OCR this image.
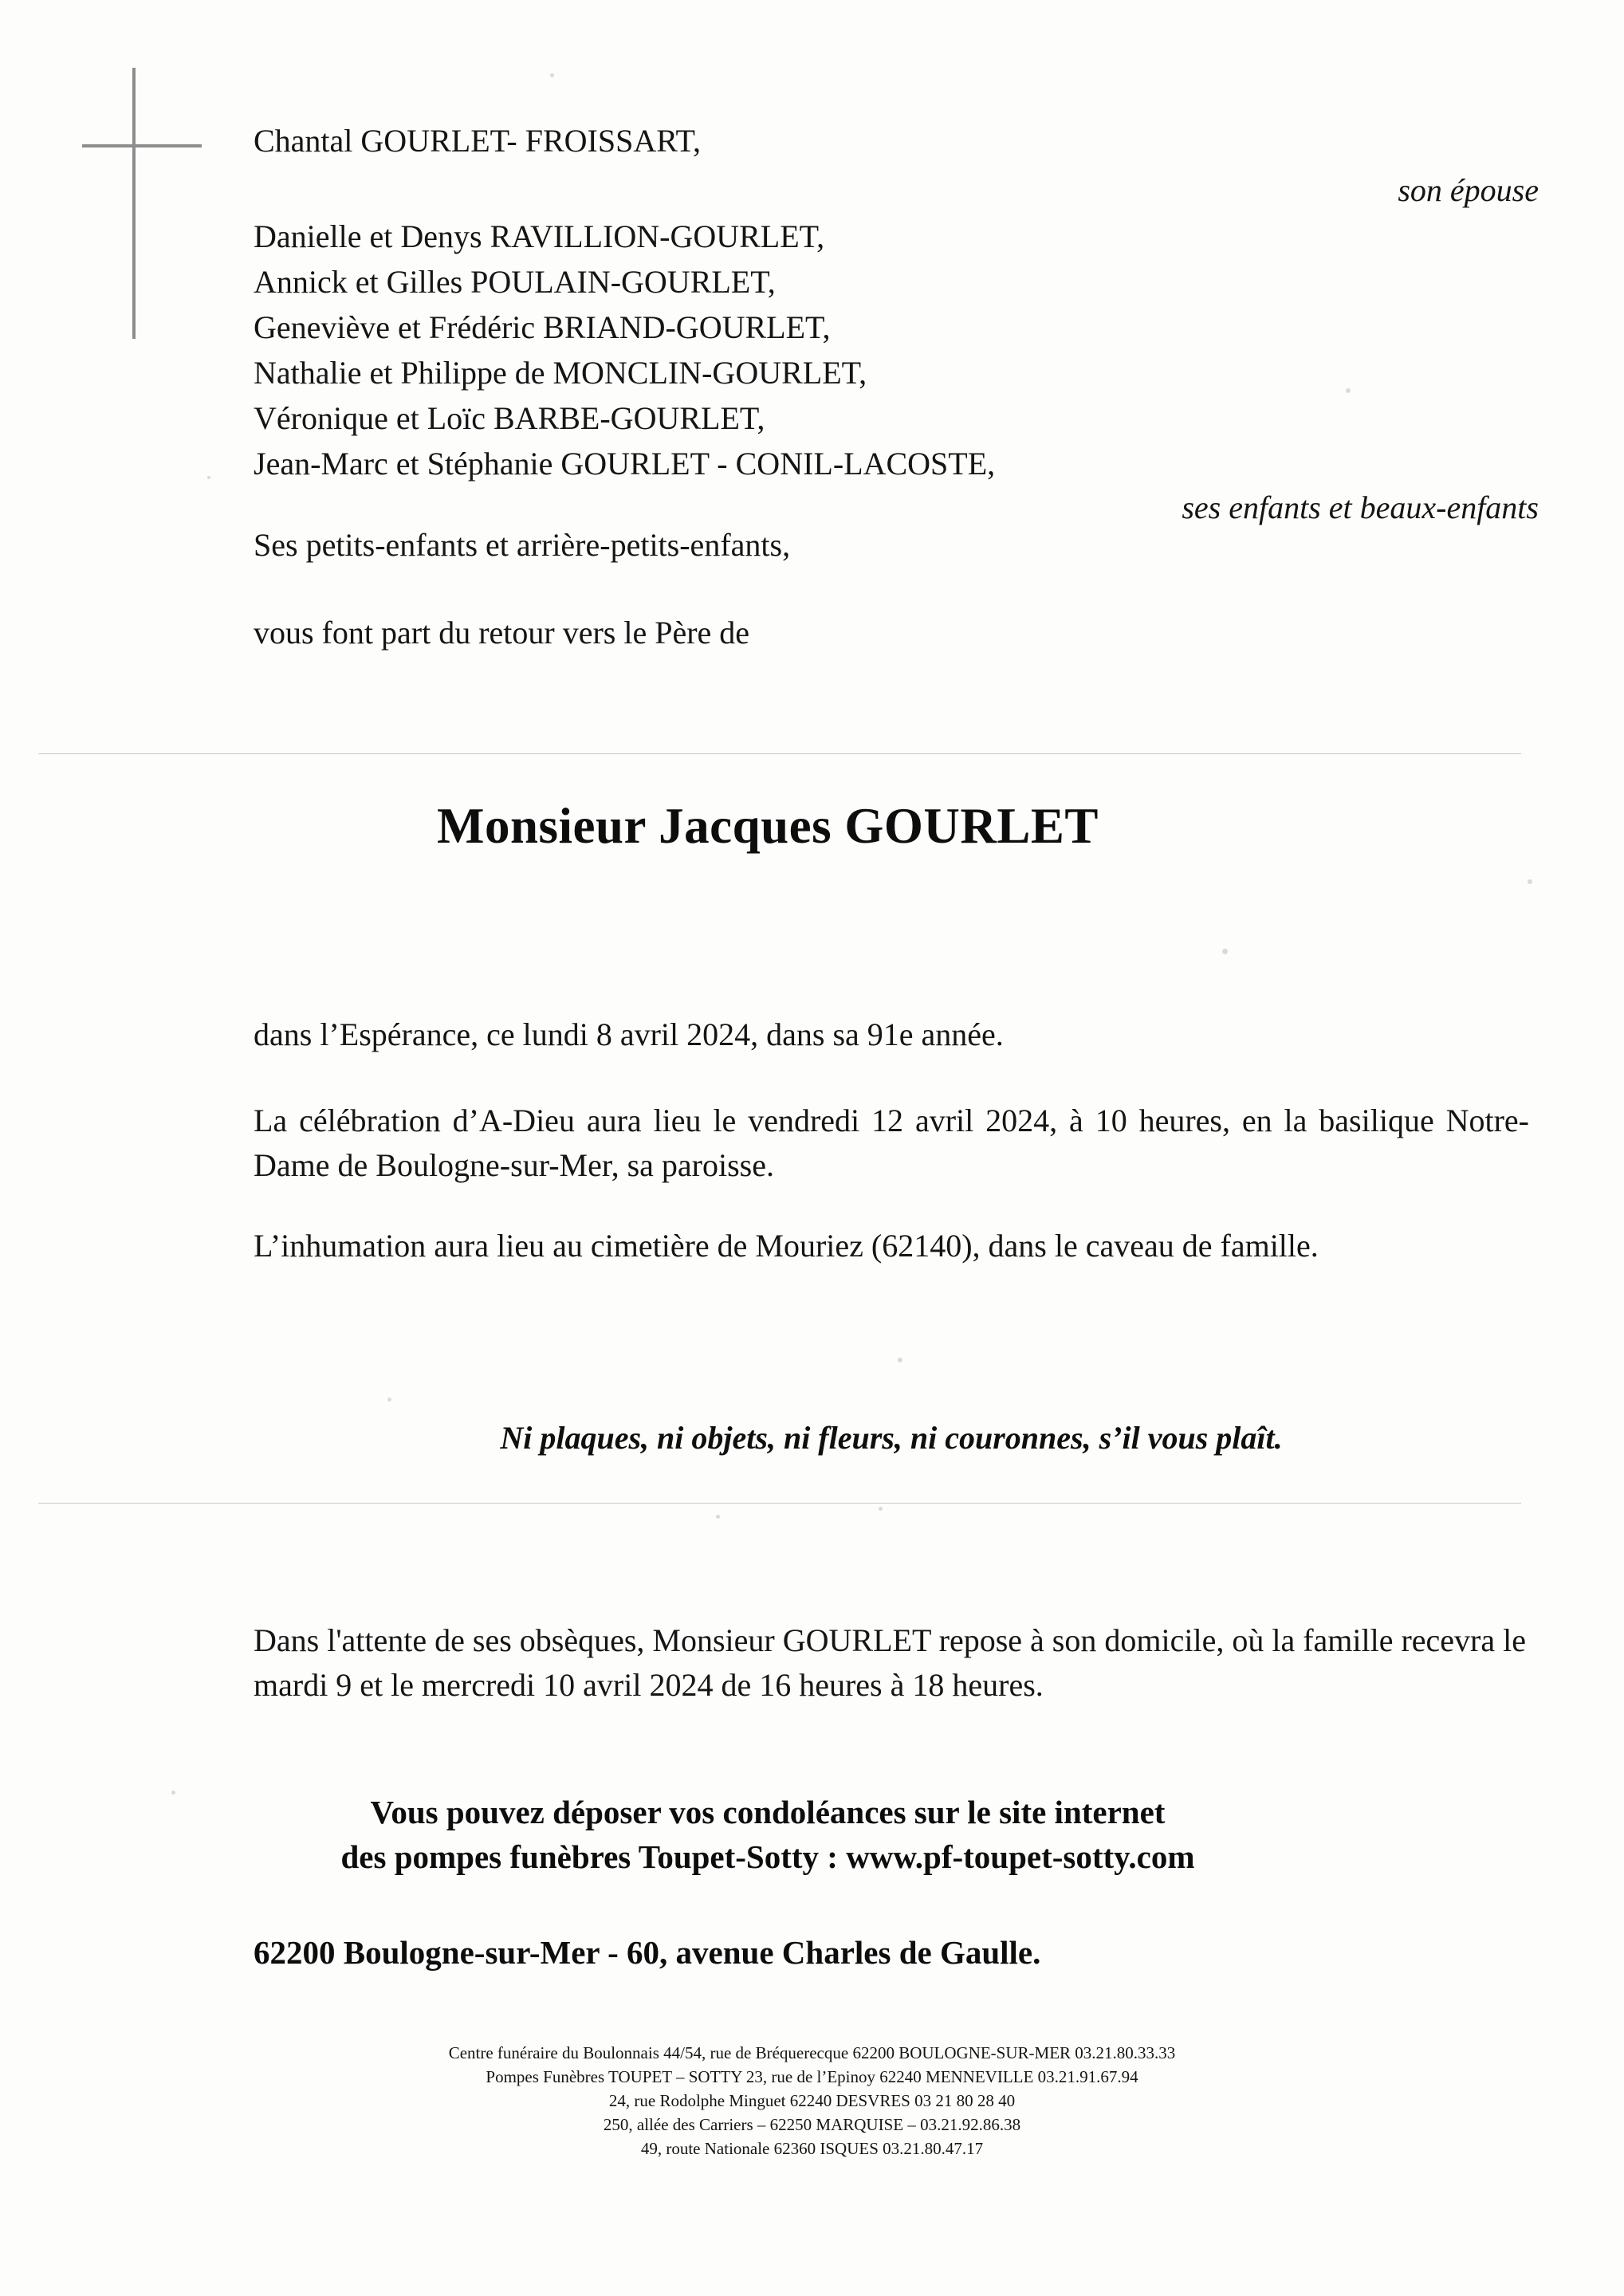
Chantal GOURLET- FROISSART,
son épouse
Danielle et Denys RAVILLION-GOURLET,
Annick et Gilles POULAIN-GOURLET,
Geneviève et Frédéric BRIAND-GOURLET,
Nathalie et Philippe de MONCLIN-GOURLET,
Véronique et Loïc BARBE-GOURLET,
Jean-Marc et Stéphanie GOURLET - CONIL-LACOSTE,
ses enfants et beaux-enfants
Ses petits-enfants et arrière-petits-enfants,
vous font part du retour vers le Père de
Monsieur Jacques GOURLET
dans l’Espérance, ce lundi 8 avril 2024, dans sa 91e année.
La célébration d’A-Dieu aura lieu le vendredi 12 avril 2024, à 10 heures, en la basilique Notre-Dame de Boulogne-sur-Mer, sa paroisse.
L’inhumation aura lieu au cimetière de Mouriez (62140), dans le caveau de famille.
Ni plaques, ni objets, ni fleurs, ni couronnes, s’il vous plaît.
Dans l'attente de ses obsèques, Monsieur GOURLET repose à son domicile, où la famille recevra le mardi 9 et le mercredi 10 avril 2024 de 16 heures à 18 heures.
Vous pouvez déposer vos condoléances sur le site internet
des pompes funèbres Toupet-Sotty : www.pf-toupet-sotty.com
62200 Boulogne-sur-Mer - 60, avenue Charles de Gaulle.
Centre funéraire du Boulonnais 44/54, rue de Bréquerecque 62200 BOULOGNE-SUR-MER 03.21.80.33.33
Pompes Funèbres TOUPET – SOTTY 23, rue de l’Epinoy 62240 MENNEVILLE 03.21.91.67.94
24, rue Rodolphe Minguet 62240 DESVRES 03 21 80 28 40
250, allée des Carriers – 62250 MARQUISE – 03.21.92.86.38
49, route Nationale 62360 ISQUES 03.21.80.47.17
